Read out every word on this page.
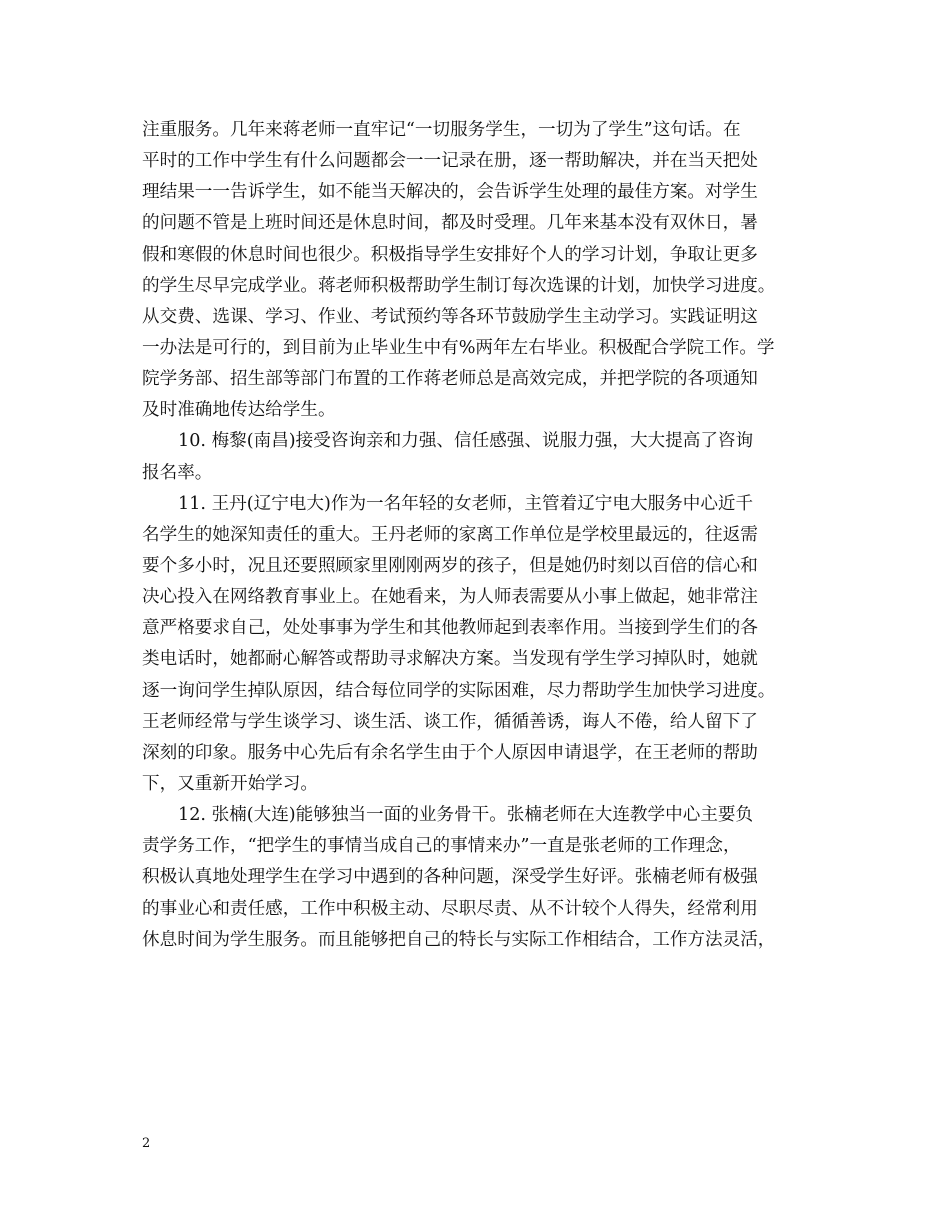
注重服务。几年来蒋老师一直牢记“一切服务学生，一切为了学生”这句话。在
平时的工作中学生有什么问题都会一一记录在册，逐一帮助解决，并在当天把处
理结果一一告诉学生，如不能当天解决的，会告诉学生处理的最佳方案。对学生
的问题不管是上班时间还是休息时间，都及时受理。几年来基本没有双休日，暑
假和寒假的休息时间也很少。积极指导学生安排好个人的学习计划，争取让更多
的学生尽早完成学业。蒋老师积极帮助学生制订每次选课的计划，加快学习进度。
从交费、选课、学习、作业、考试预约等各环节鼓励学生主动学习。实践证明这
一办法是可行的，到目前为止毕业生中有%两年左右毕业。积极配合学院工作。学
院学务部、招生部等部门布置的工作蒋老师总是高效完成，并把学院的各项通知
及时准确地传达给学生。
10. 梅黎(南昌)接受咨询亲和力强、信任感强、说服力强，大大提高了咨询
报名率。
11. 王丹(辽宁电大)作为一名年轻的女老师，主管着辽宁电大服务中心近千
名学生的她深知责任的重大。王丹老师的家离工作单位是学校里最远的，往返需
要个多小时，况且还要照顾家里刚刚两岁的孩子，但是她仍时刻以百倍的信心和
决心投入在网络教育事业上。在她看来，为人师表需要从小事上做起，她非常注
意严格要求自己，处处事事为学生和其他教师起到表率作用。当接到学生们的各
类电话时，她都耐心解答或帮助寻求解决方案。当发现有学生学习掉队时，她就
逐一询问学生掉队原因，结合每位同学的实际困难，尽力帮助学生加快学习进度。
王老师经常与学生谈学习、谈生活、谈工作，循循善诱，诲人不倦，给人留下了
深刻的印象。服务中心先后有余名学生由于个人原因申请退学，在王老师的帮助
下，又重新开始学习。
12. 张楠(大连)能够独当一面的业务骨干。张楠老师在大连教学中心主要负
责学务工作，“把学生的事情当成自己的事情来办”一直是张老师的工作理念，
积极认真地处理学生在学习中遇到的各种问题，深受学生好评。张楠老师有极强
的事业心和责任感，工作中积极主动、尽职尽责、从不计较个人得失，经常利用
休息时间为学生服务。而且能够把自己的特长与实际工作相结合，工作方法灵活，
2
